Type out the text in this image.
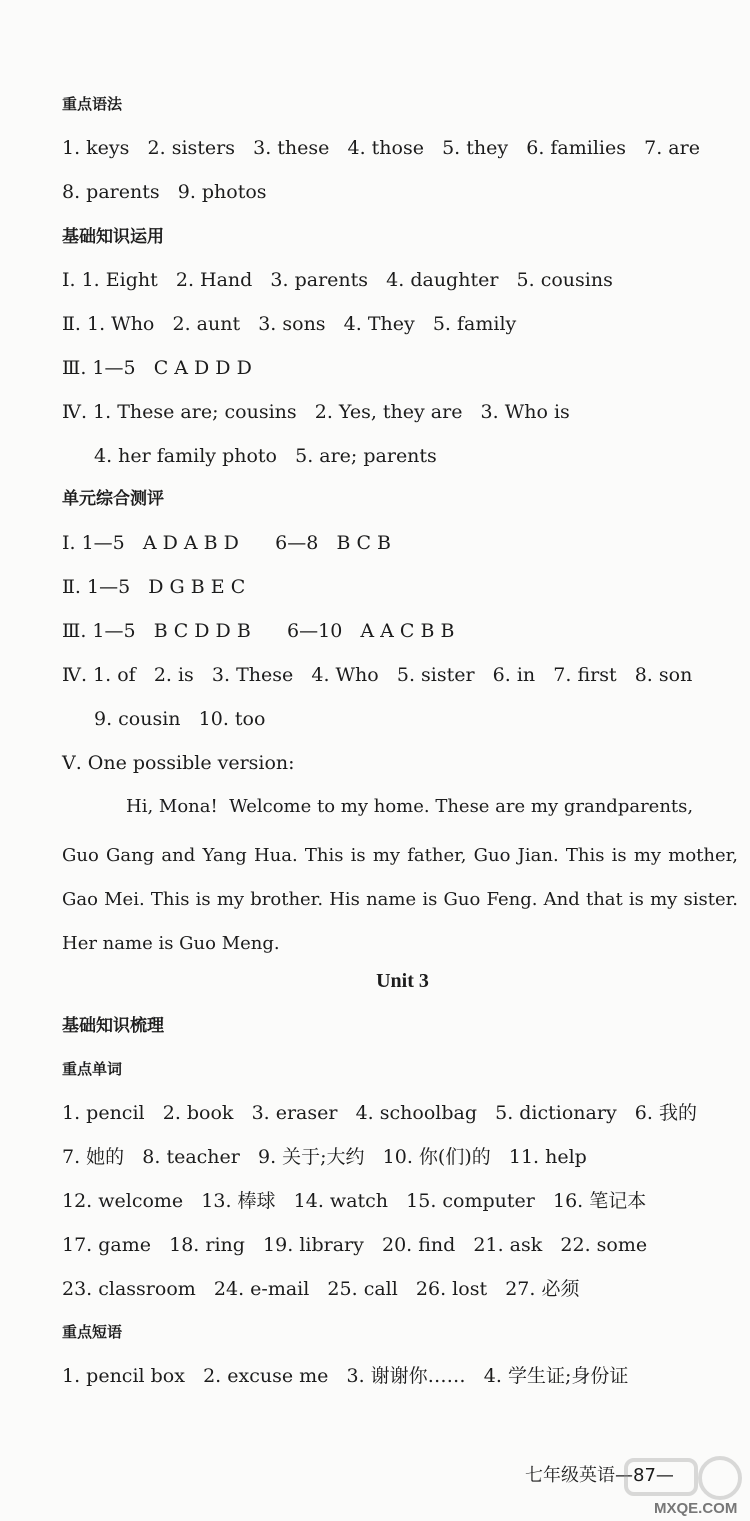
重点语法
1. keys   2. sisters   3. these   4. those   5. they   6. families   7. are
8. parents   9. photos
基础知识运用
Ⅰ. 1. Eight   2. Hand   3. parents   4. daughter   5. cousins
Ⅱ. 1. Who   2. aunt   3. sons   4. They   5. family
Ⅲ. 1—5   C A D D D
Ⅳ. 1. These are; cousins   2. Yes, they are   3. Who is
4. her family photo   5. are; parents
单元综合测评
Ⅰ. 1—5   A D A B D      6—8   B C B
Ⅱ. 1—5   D G B E C
Ⅲ. 1—5   B C D D B      6—10   A A C B B
Ⅳ. 1. of   2. is   3. These   4. Who   5. sister   6. in   7. first   8. son
9. cousin   10. too
Ⅴ. One possible version:
Hi, Mona!  Welcome to my home. These are my grandparents,
Guo Gang and Yang Hua. This is my father, Guo Jian. This is my mother, Gao Mei. This is my brother. His name is Guo Feng. And that is my sister. Her name is Guo Meng.
Unit 3
基础知识梳理
重点单词
1. pencil   2. book   3. eraser   4. schoolbag   5. dictionary   6. 我的
7. 她的   8. teacher   9. 关于;大约   10. 你(们)的   11. help
12. welcome   13. 棒球   14. watch   15. computer   16. 笔记本
17. game   18. ring   19. library   20. find   21. ask   22. some
23. classroom   24. e-mail   25. call   26. lost   27. 必须
重点短语
1. pencil box   2. excuse me   3. 谢谢你……   4. 学生证;身份证
七年级英语—87—
MXQE.COM
